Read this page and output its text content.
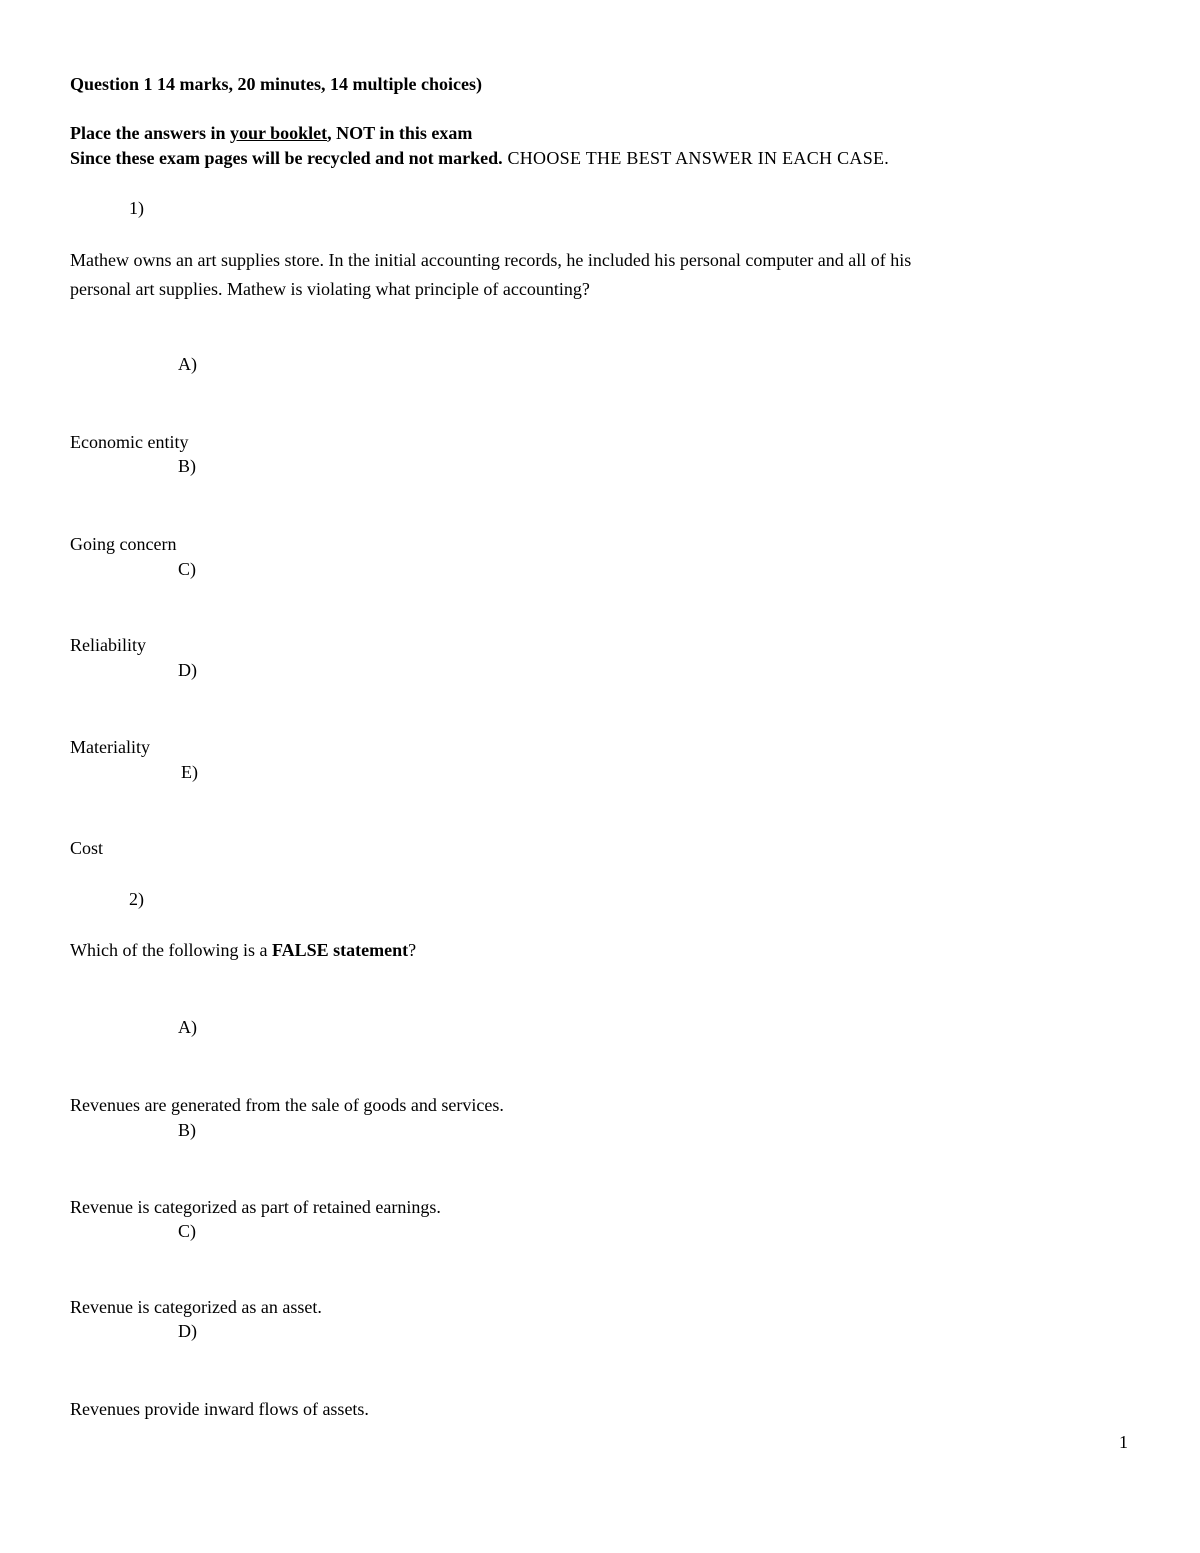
Question 1 14 marks, 20 minutes, 14 multiple choices)
Place the answers in your booklet, NOT in this exam
Since these exam pages will be recycled and not marked. CHOOSE THE BEST ANSWER IN EACH CASE.
1)
Mathew owns an art supplies store. In the initial accounting records, he included his personal computer and all of his
personal art supplies. Mathew is violating what principle of accounting?
A)
Economic entity
B)
Going concern
C)
Reliability
D)
Materiality
E)
Cost
2)
Which of the following is a FALSE statement?
A)
Revenues are generated from the sale of goods and services.
B)
Revenue is categorized as part of retained earnings.
C)
Revenue is categorized as an asset.
D)
Revenues provide inward flows of assets.
1
